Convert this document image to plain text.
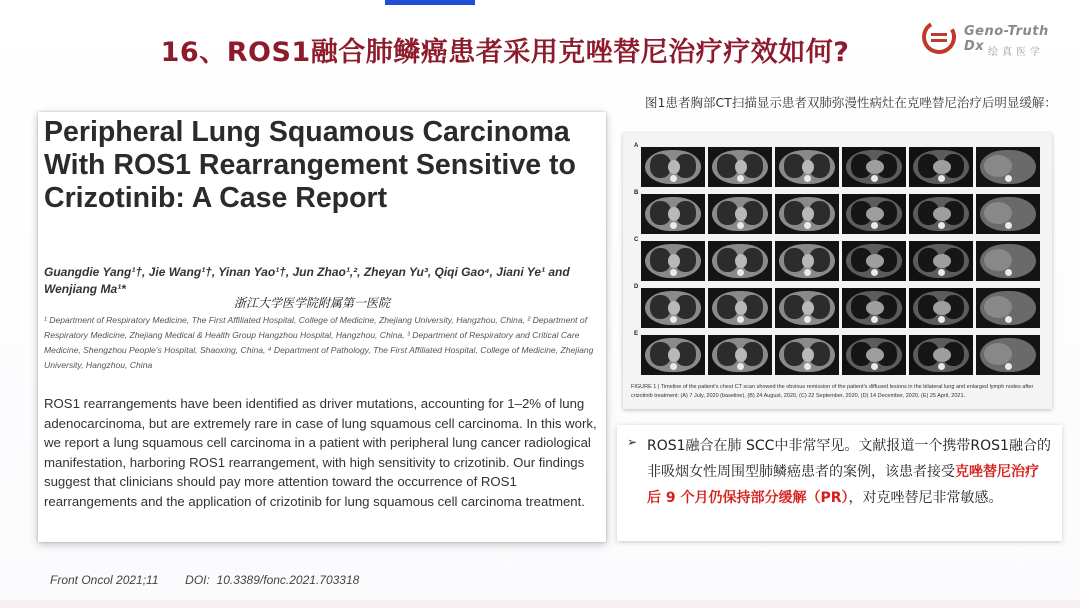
16、ROS1融合肺鳞癌患者采用克唑替尼治疗疗效如何?
Geno-Truth Dx 绘真医学
Peripheral Lung Squamous Carcinoma With ROS1 Rearrangement Sensitive to Crizotinib: A Case Report
Guangdie Yang¹†, Jie Wang¹†, Yinan Yao¹†, Jun Zhao¹,², Zheyan Yu³, Qiqi Gao⁴, Jiani Ye¹ and Wenjiang Ma¹*
浙江大学医学院附属第一医院
¹ Department of Respiratory Medicine, The First Affiliated Hospital, College of Medicine, Zhejiang University, Hangzhou, China, ² Department of Respiratory Medicine, Zhejiang Medical & Health Group Hangzhou Hospital, Hangzhou, China, ³ Department of Respiratory and Critical Care Medicine, Shengzhou People's Hospital, Shaoxing, China, ⁴ Department of Pathology, The First Affiliated Hospital, College of Medicine, Zhejiang University, Hangzhou, China
ROS1 rearrangements have been identified as driver mutations, accounting for 1–2% of lung adenocarcinoma, but are extremely rare in case of lung squamous cell carcinoma. In this work, we report a lung squamous cell carcinoma in a patient with peripheral lung cancer radiological manifestation, harboring ROS1 rearrangement, with high sensitivity to crizotinib. Our findings suggest that clinicians should pay more attention toward the occurrence of ROS1 rearrangements and the application of crizotinib for lung squamous cell carcinoma treatment.
Front Oncol 2021;11        DOI:  10.3389/fonc.2021.703318
图1患者胸部CT扫描显示患者双肺弥漫性病灶在克唑替尼治疗后明显缓解：
A
B
C
D
E
FIGURE 1 | Timeline of the patient's chest CT scan showed the obvious remission of the patient's diffused lesions in the bilateral lung and enlarged lymph nodes after crizotinib treatment: (A) 7 July, 2020 (baseline), (B) 24 August, 2020, (C) 22 September, 2020, (D) 14 December, 2020, (E) 25 April, 2021.
➢ ROS1融合在肺 SCC中非常罕见。文献报道一个携带ROS1融合的非吸烟女性周围型肺鳞癌患者的案例，该患者接受克唑替尼治疗后 9 个月仍保持部分缓解（PR），对克唑替尼非常敏感。
